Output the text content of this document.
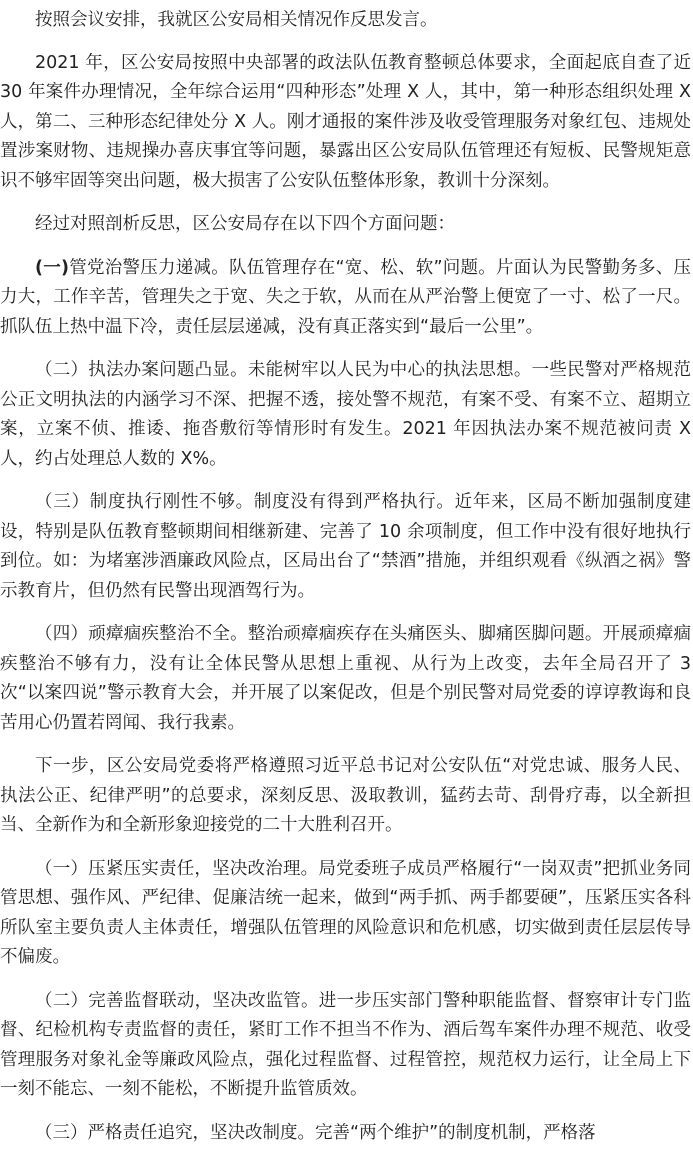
按照会议安排，我就区公安局相关情况作反思发言。

2021 年，区公安局按照中央部署的政法队伍教育整顿总体要求，全面起底自查了近 30 年案件办理情况，全年综合运用“四种形态”处理 X 人，其中，第一种形态组织处理 X 人，第二、三种形态纪律处分 X 人。刚才通报的案件涉及收受管理服务对象红包、违规处置涉案财物、违规操办喜庆事宜等问题，暴露出区公安局队伍管理还有短板、民警规矩意识不够牢固等突出问题，极大损害了公安队伍整体形象，教训十分深刻。

经过对照剖析反思，区公安局存在以下四个方面问题：

(一)管党治警压力递减。队伍管理存在“宽、松、软”问题。片面认为民警勤务多、压力大，工作辛苦，管理失之于宽、失之于软，从而在从严治警上便宽了一寸、松了一尺。抓队伍上热中温下冷，责任层层递减，没有真正落实到“最后一公里”。

（二）执法办案问题凸显。未能树牢以人民为中心的执法思想。一些民警对严格规范公正文明执法的内涵学习不深、把握不透，接处警不规范，有案不受、有案不立、超期立案，立案不侦、推诿、拖沓敷衍等情形时有发生。2021 年因执法办案不规范被问责 X 人，约占处理总人数的 X%。

（三）制度执行刚性不够。制度没有得到严格执行。近年来，区局不断加强制度建设，特别是队伍教育整顿期间相继新建、完善了 10 余项制度，但工作中没有很好地执行到位。如：为堵塞涉酒廉政风险点，区局出台了“禁酒”措施，并组织观看《纵酒之祸》警示教育片，但仍然有民警出现酒驾行为。

（四）顽瘴痼疾整治不全。整治顽瘴痼疾存在头痛医头、脚痛医脚问题。开展顽瘴痼疾整治不够有力，没有让全体民警从思想上重视、从行为上改变，去年全局召开了 3 次“以案四说”警示教育大会，并开展了以案促改，但是个别民警对局党委的谆谆教诲和良苦用心仍置若罔闻、我行我素。

下一步，区公安局党委将严格遵照习近平总书记对公安队伍“对党忠诚、服务人民、执法公正、纪律严明”的总要求，深刻反思、汲取教训，猛药去苛、刮骨疗毒，以全新担当、全新作为和全新形象迎接党的二十大胜利召开。

（一）压紧压实责任，坚决改治理。局党委班子成员严格履行“一岗双责”把抓业务同管思想、强作风、严纪律、促廉洁统一起来，做到“两手抓、两手都要硬”，压紧压实各科所队室主要负责人主体责任，增强队伍管理的风险意识和危机感，切实做到责任层层传导不偏废。

（二）完善监督联动，坚决改监管。进一步压实部门警种职能监督、督察审计专门监督、纪检机构专责监督的责任，紧盯工作不担当不作为、酒后驾车案件办理不规范、收受管理服务对象礼金等廉政风险点，强化过程监督、过程管控，规范权力运行，让全局上下一刻不能忘、一刻不能松，不断提升监管质效。

（三）严格责任追究，坚决改制度。完善“两个维护”的制度机制，严格落
